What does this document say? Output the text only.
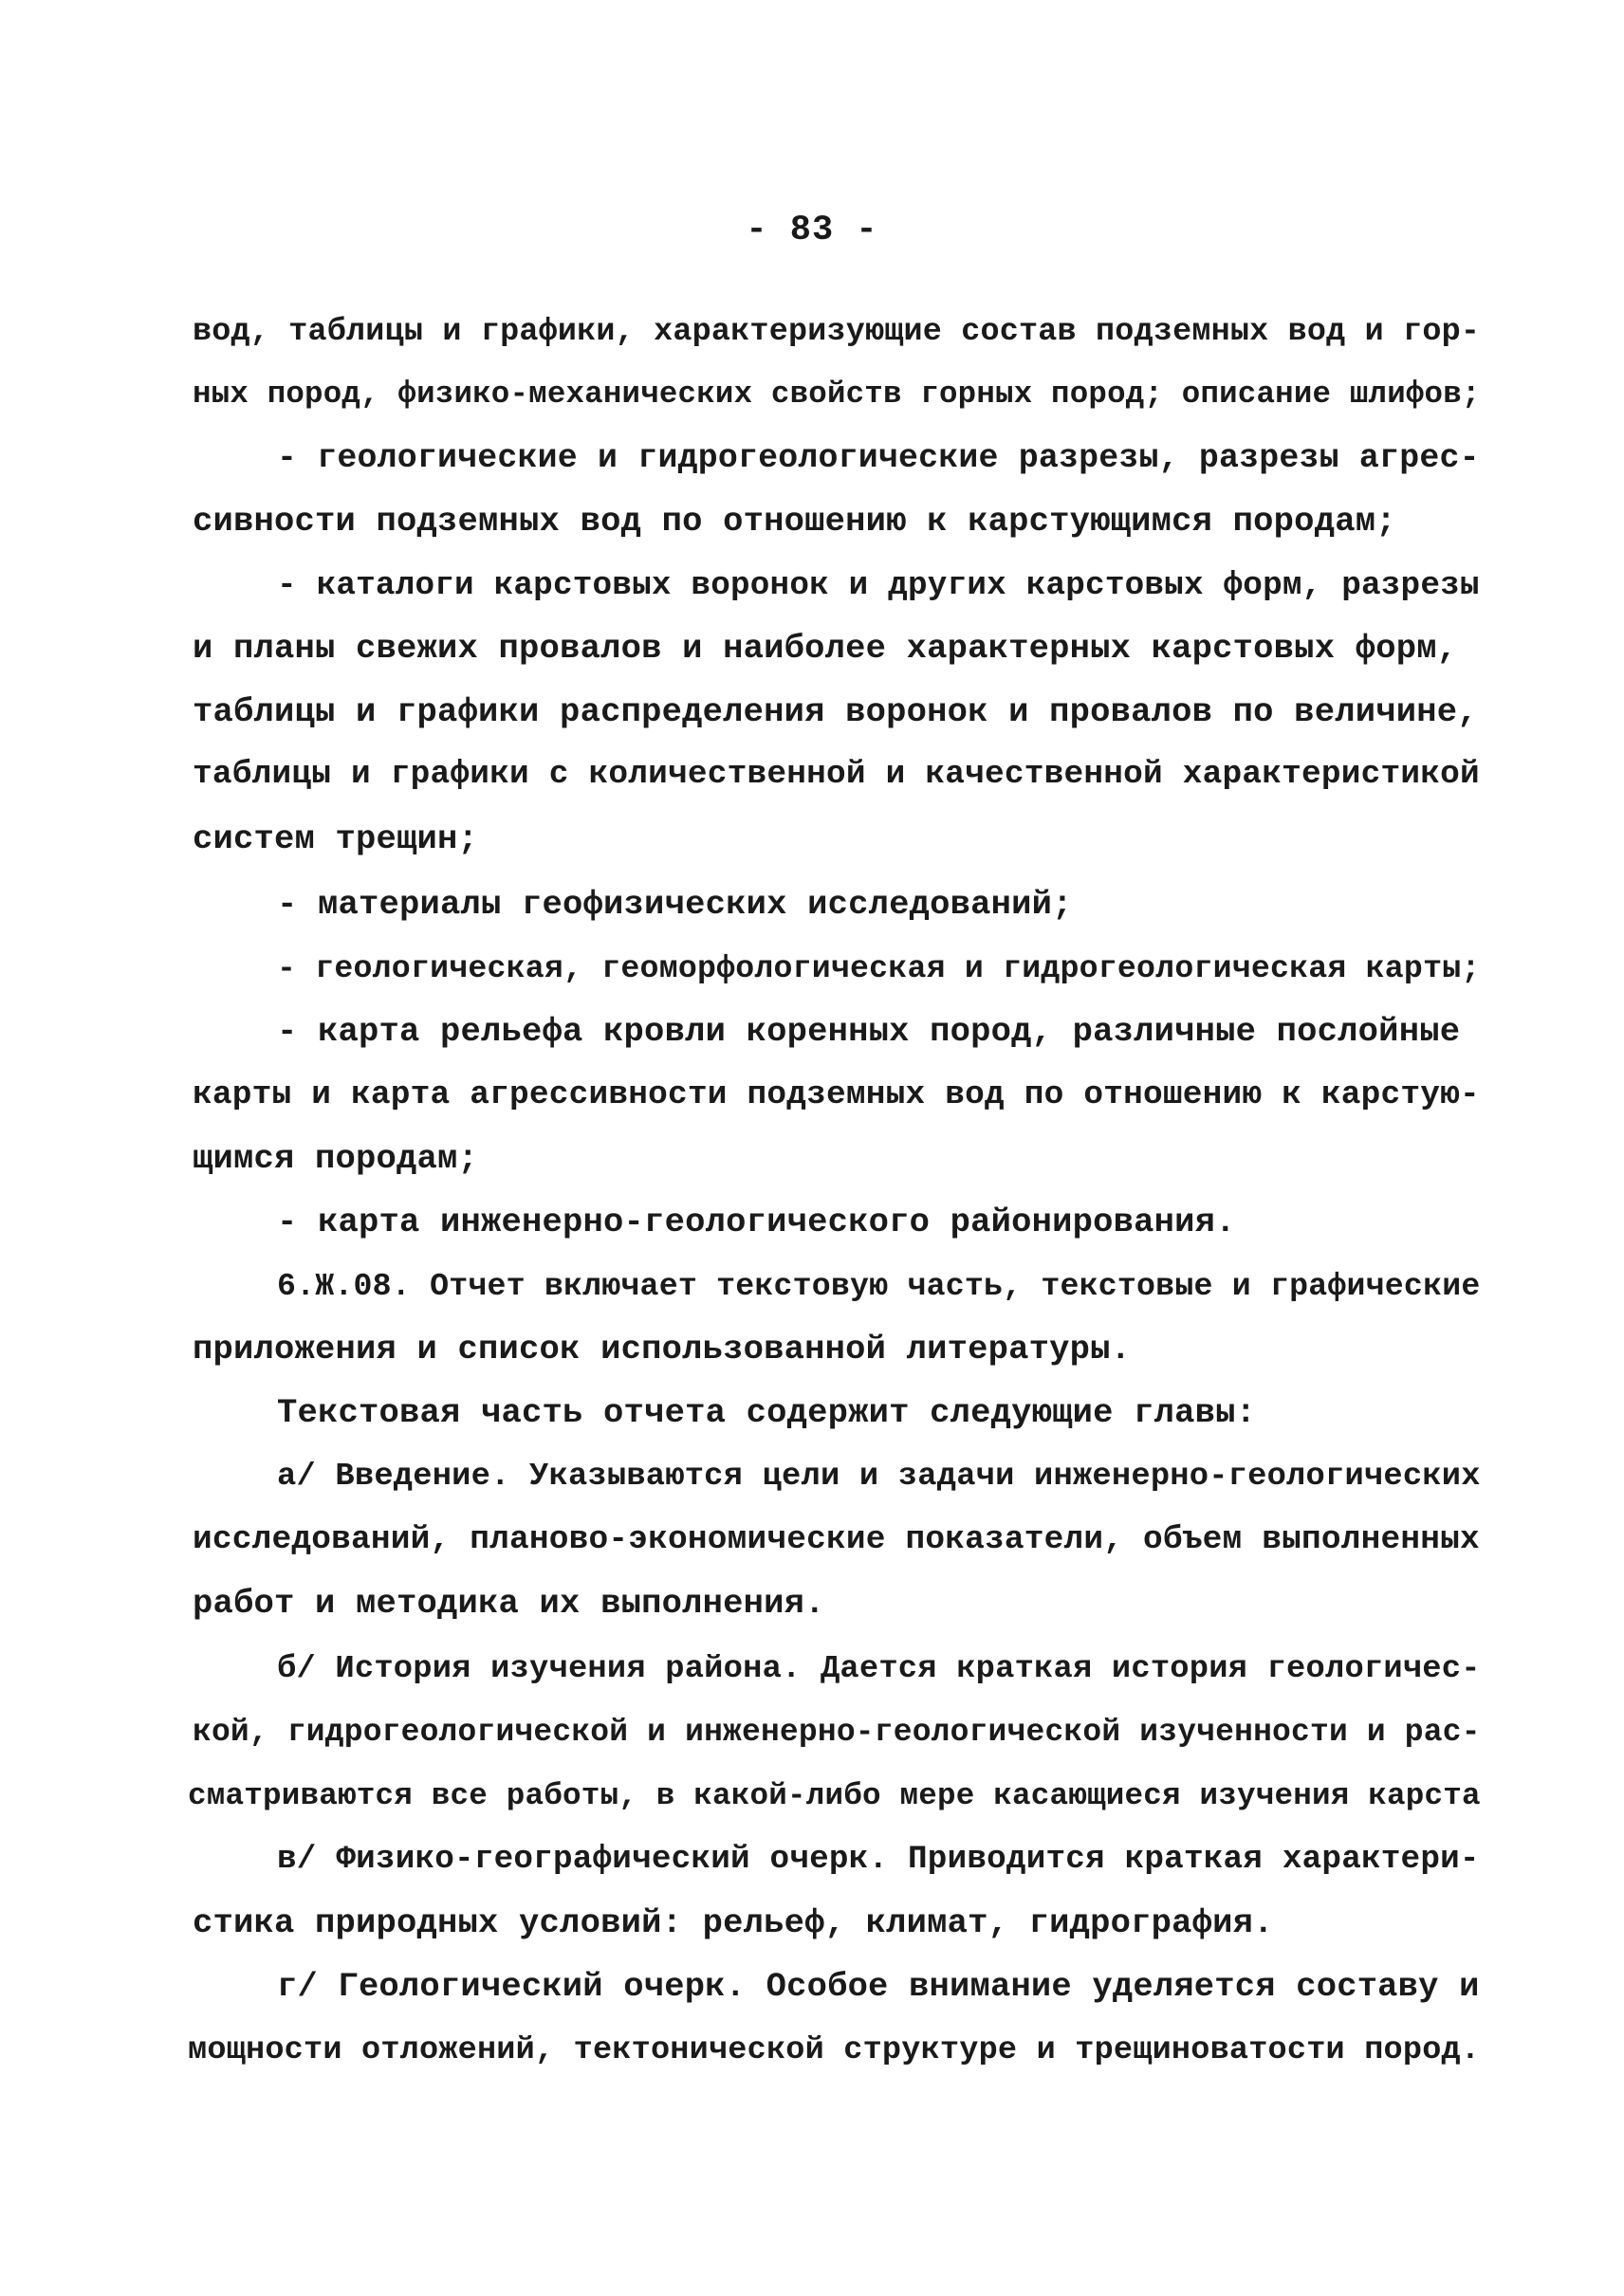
- 83 -
вод, таблицы и графики, характеризующие состав подземных вод и гор-
ных пород, физико-механических свойств горных пород; описание шлифов;
- геологические и гидрогеологические разрезы, разрезы агрес-
сивности подземных вод по отношению к карстующимся породам;
- каталоги карстовых воронок и других карстовых форм, разрезы
и планы свежих провалов и наиболее характерных карстовых форм,
таблицы и графики распределения воронок и провалов по величине,
таблицы и графики с количественной и качественной характеристикой
систем трещин;
- материалы геофизических исследований;
- геологическая, геоморфологическая и гидрогеологическая карты;
- карта рельефа кровли коренных пород, различные послойные
карты и карта агрессивности подземных вод по отношению к карстую-
щимся породам;
- карта инженерно-геологического районирования.
6.Ж.08. Отчет включает текстовую часть, текстовые и графические
приложения и список использованной литературы.
Текстовая часть отчета содержит следующие главы:
а/ Введение. Указываются цели и задачи инженерно-геологических
исследований, планово-экономические показатели, объем выполненных
работ и методика их выполнения.
б/ История изучения района. Дается краткая история геологичес-
кой, гидрогеологической и инженерно-геологической изученности и рас-
сматриваются все работы, в какой-либо мере касающиеся изучения карста
в/ Физико-географический очерк. Приводится краткая характери-
стика природных условий: рельеф, климат, гидрография.
г/ Геологический очерк. Особое внимание уделяется составу и
мощности отложений, тектонической структуре и трещиноватости пород.
